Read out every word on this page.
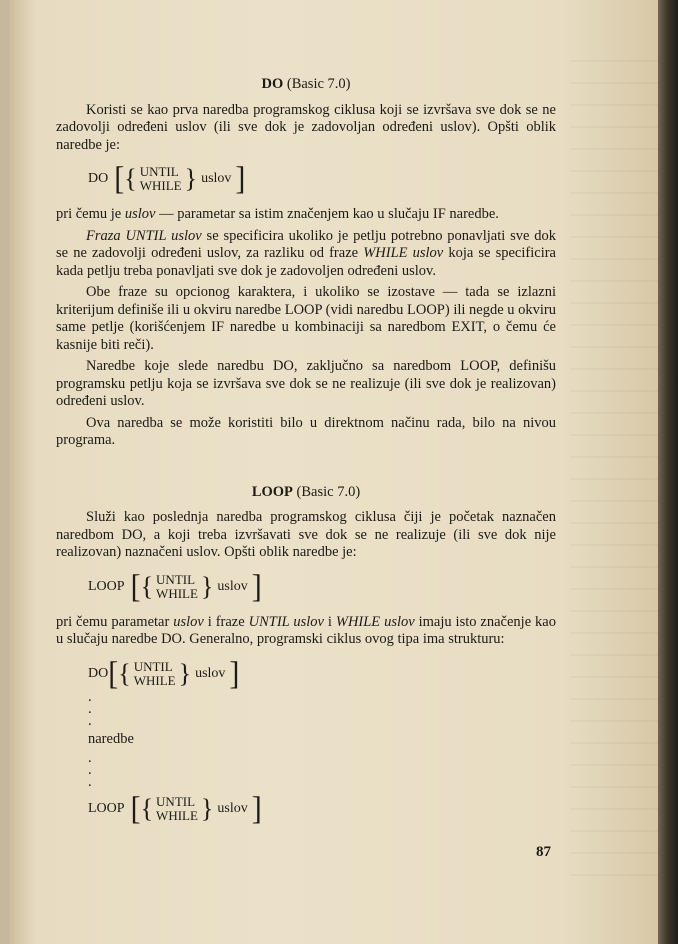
DO (Basic 7.0)

Koristi se kao prva naredba programskog ciklusa koji se izvršava sve dok se ne zadovolji određeni uslov (ili sve dok je zadovoljan određeni uslov). Opšti oblik naredbe je:

DO [ { UNTIL
WHILE } uslov ]

pri čemu je uslov — parametar sa istim značenjem kao u slučaju IF naredbe.

Fraza UNTIL uslov se specificira ukoliko je petlju potrebno ponavljati sve dok se ne zadovolji određeni uslov, za razliku od fraze WHILE uslov koja se specificira kada petlju treba ponavljati sve dok je zadovoljen određeni uslov.

Obe fraze su opcionog karaktera, i ukoliko se izostave — tada se izlazni kriterijum definiše ili u okviru naredbe LOOP (vidi naredbu LOOP) ili negde u okviru same petlje (korišćenjem IF naredbe u kombinaciji sa naredbom EXIT, o čemu će kasnije biti reči).

Naredbe koje slede naredbu DO, zaključno sa naredbom LOOP, definišu programsku petlju koja se izvršava sve dok se ne realizuje (ili sve dok je realizovan) određeni uslov.

Ova naredba se može koristiti bilo u direktnom načinu rada, bilo na nivou programa.

LOOP (Basic 7.0)

Služi kao poslednja naredba programskog ciklusa čiji je početak naznačen naredbom DO, a koji treba izvršavati sve dok se ne realizuje (ili sve dok nije realizovan) naznačeni uslov. Opšti oblik naredbe je:

LOOP [ { UNTIL
WHILE } uslov ]

pri čemu parametar uslov i fraze UNTIL uslov i WHILE uslov imaju isto značenje kao u slučaju naredbe DO. Generalno, programski ciklus ovog tipa ima strukturu:

DO [ { UNTIL
WHILE } uslov ]
.
.
.
naredbe
.
.
.
LOOP [ { UNTIL
WHILE } uslov ]
87
